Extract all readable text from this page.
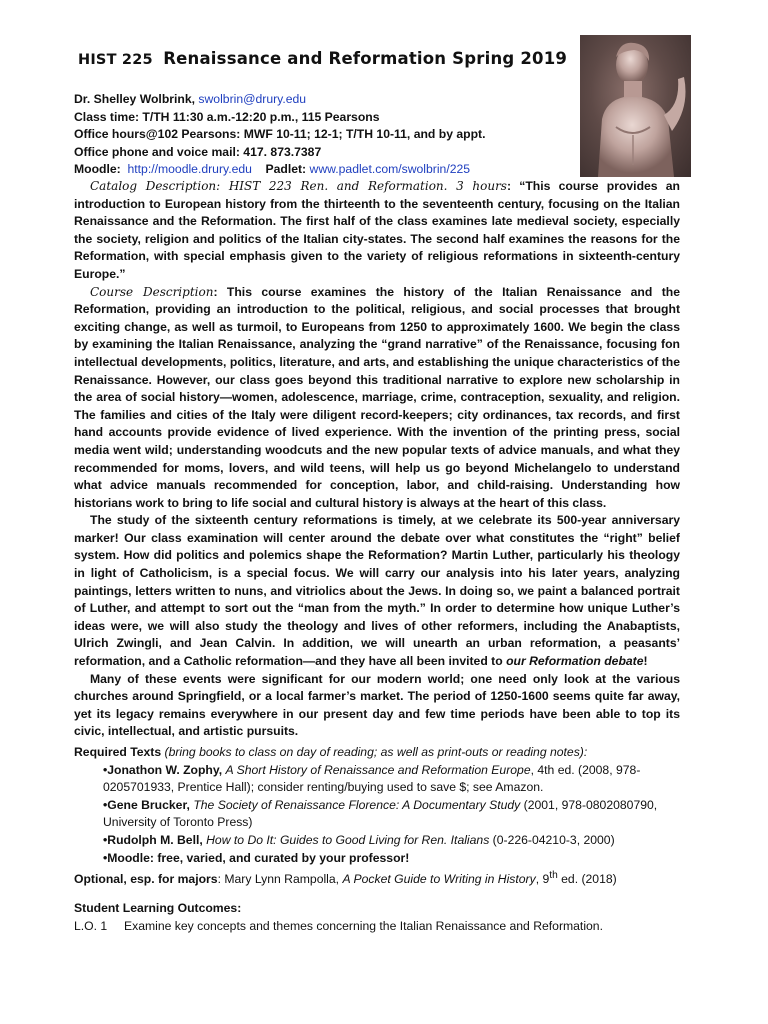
HIST 225 Renaissance and Reformation Spring 2019
Dr. Shelley Wolbrink, swolbrin@drury.edu
Class time: T/TH 11:30 a.m.-12:20 p.m., 115 Pearsons
Office hours@102 Pearsons: MWF 10-11; 12-1; T/TH 10-11, and by appt.
Office phone and voice mail: 417. 873.7387
Moodle: http://moodle.drury.edu Padlet: www.padlet.com/swolbrin/225

Catalog Description: HIST 223 Ren. and Reformation. 3 hours: “This course provides an introduction to European history from the thirteenth to the seventeenth century, focusing on the Italian Renaissance and the Reformation. The first half of the class examines late medieval society, especially the society, religion and politics of the Italian city-states. The second half examines the reasons for the Reformation, with special emphasis given to the variety of religious reformations in sixteenth-century Europe.”

Course Description: This course examines the history of the Italian Renaissance and the Reformation, providing an introduction to the political, religious, and social processes that brought exciting change, as well as turmoil, to Europeans from 1250 to approximately 1600. We begin the class by examining the Italian Renaissance, analyzing the “grand narrative” of the Renaissance, focusing fon intellectual developments, politics, literature, and arts, and establishing the unique characteristics of the Renaissance. However, our class goes beyond this traditional narrative to explore new scholarship in the area of social history—women, adolescence, marriage, crime, contraception, sexuality, and religion. The families and cities of the Italy were diligent record-keepers; city ordinances, tax records, and first hand accounts provide evidence of lived experience. With the invention of the printing press, social media went wild; understanding woodcuts and the new popular texts of advice manuals, and what they recommended for moms, lovers, and wild teens, will help us go beyond Michelangelo to understand what advice manuals recommended for conception, labor, and child-raising. Understanding how historians work to bring to life social and cultural history is always at the heart of this class.

The study of the sixteenth century reformations is timely, at we celebrate its 500-year anniversary marker! Our class examination will center around the debate over what constitutes the “right” belief system. How did politics and polemics shape the Reformation? Martin Luther, particularly his theology in light of Catholicism, is a special focus. We will carry our analysis into his later years, analyzing paintings, letters written to nuns, and vitriolics about the Jews. In doing so, we paint a balanced portrait of Luther, and attempt to sort out the “man from the myth.” In order to determine how unique Luther’s ideas were, we will also study the theology and lives of other reformers, including the Anabaptists, Ulrich Zwingli, and Jean Calvin. In addition, we will unearth an urban reformation, a peasants’ reformation, and a Catholic reformation—and they have all been invited to our Reformation debate!

Many of these events were significant for our modern world; one need only look at the various churches around Springfield, or a local farmer’s market. The period of 1250-1600 seems quite far away, yet its legacy remains everywhere in our present day and few time periods have been able to top its civic, intellectual, and artistic pursuits.

Required Texts (bring books to class on day of reading; as well as print-outs or reading notes):
•Jonathon W. Zophy, A Short History of Renaissance and Reformation Europe, 4th ed. (2008, 978-0205701933, Prentice Hall); consider renting/buying used to save $; see Amazon.
•Gene Brucker, The Society of Renaissance Florence: A Documentary Study (2001, 978-0802080790, University of Toronto Press)
•Rudolph M. Bell, How to Do It: Guides to Good Living for Ren. Italians (0-226-04210-3, 2000)
•Moodle: free, varied, and curated by your professor!
Optional, esp. for majors: Mary Lynn Rampolla, A Pocket Guide to Writing in History, 9th ed. (2018)
Student Learning Outcomes:
L.O. 1 Examine key concepts and themes concerning the Italian Renaissance and Reformation.
